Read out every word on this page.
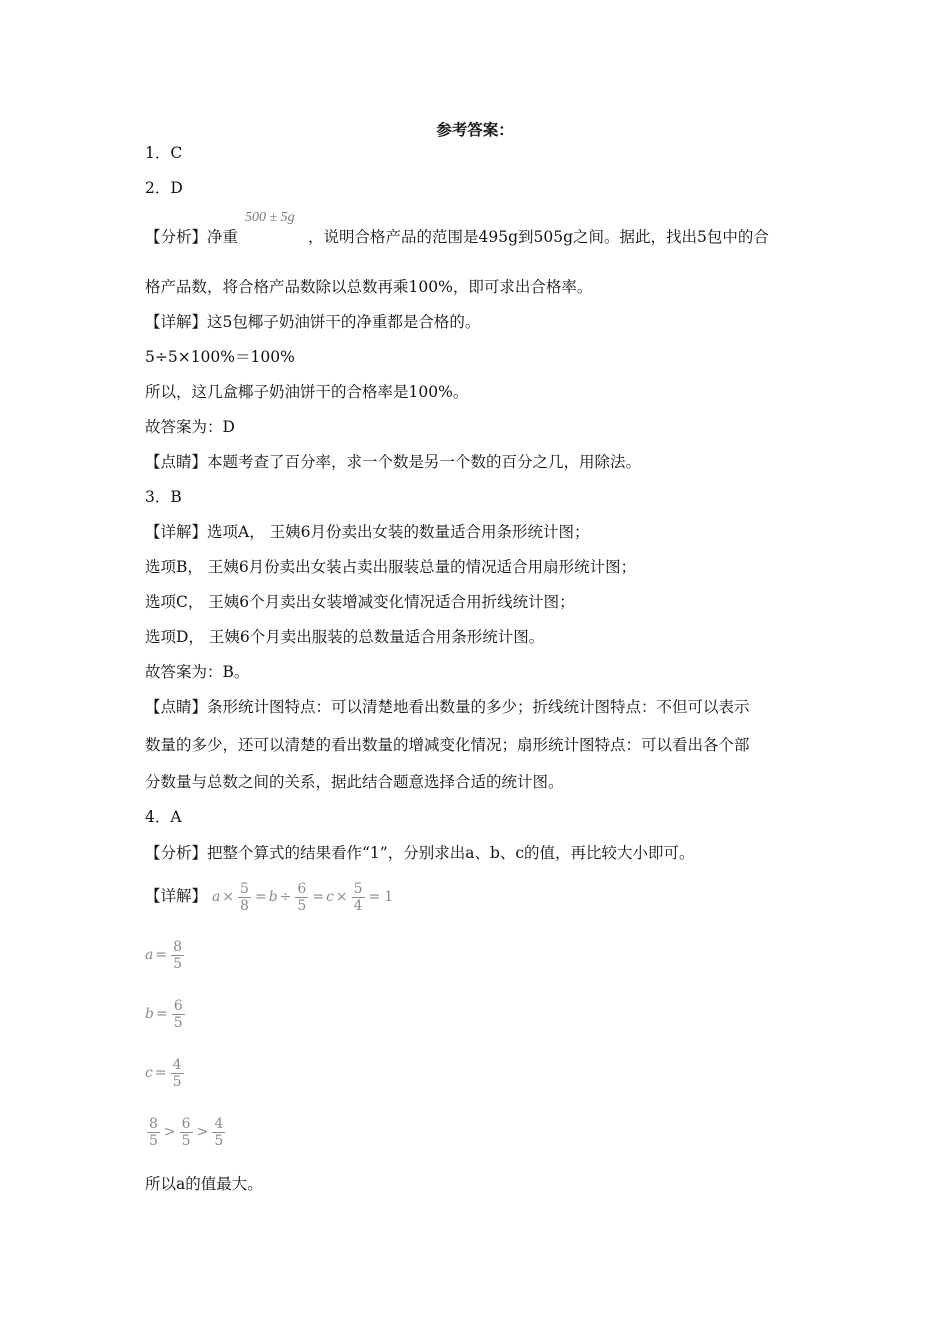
参考答案：
1．C
2．D
500 ± 5g
【分析】净重	，说明合格产品的范围是495g到505g之间。据此，找出5包中的合
格产品数，将合格产品数除以总数再乘100%，即可求出合格率。
【详解】这5包椰子奶油饼干的净重都是合格的。
5÷5×100%＝100%
所以，这几盒椰子奶油饼干的合格率是100%。
故答案为：D
【点睛】本题考查了百分率，求一个数是另一个数的百分之几，用除法。
3．B
【详解】选项A， 王姨6月份卖出女装的数量适合用条形统计图；
选项B， 王姨6月份卖出女装占卖出服装总量的情况适合用扇形统计图；
选项C， 王姨6个月卖出女装增减变化情况适合用折线统计图；
选项D， 王姨6个月卖出服装的总数量适合用条形统计图。
故答案为：B。
【点睛】条形统计图特点：可以清楚地看出数量的多少；折线统计图特点：不但可以表示
数量的多少，还可以清楚的看出数量的增减变化情况；扇形统计图特点：可以看出各个部
分数量与总数之间的关系，据此结合题意选择合适的统计图。
4．A
【分析】把整个算式的结果看作“1”，分别求出a、b、c的值，再比较大小即可。
【详解】 $a \times \frac{5}{8} = b \div \frac{6}{5} = c \times \frac{5}{4} = 1$
$a = \frac{8}{5}$
$b = \frac{6}{5}$
$c = \frac{4}{5}$
$\frac{8}{5} > \frac{6}{5} > \frac{4}{5}$
所以a的值最大。
